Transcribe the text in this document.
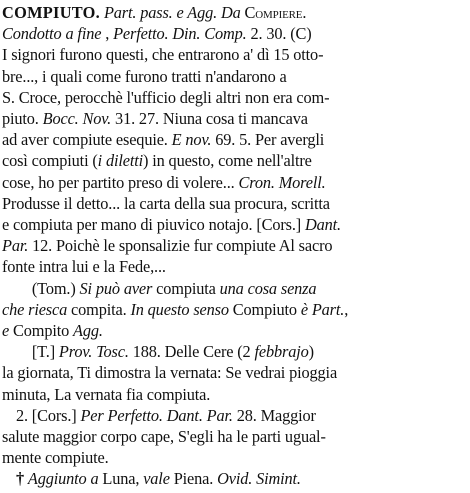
COMPIUTO. Part. pass. e Agg. Da Compiere.
Condotto a fine , Perfetto. Din. Comp. 2. 30. (C)
I signori furono questi, che entrarono a' dì 15 otto-
bre..., i quali come furono tratti n'andarono a
S. Croce, perocchè l'ufficio degli altri non era com-
piuto. Bocc. Nov. 31. 27. Niuna cosa ti mancava
ad aver compiute esequie. E nov. 69. 5. Per avergli
così compiuti (i diletti) in questo, come nell'altre
cose, ho per partito preso di volere... Cron. Morell.
Produsse il detto... la carta della sua procura, scritta
e compiuta per mano di piuvico notajo. [Cors.] Dant.
Par. 12. Poichè le sponsalizie fur compiute Al sacro
fonte intra lui e la Fede,...
(Tom.) Si può aver compiuta una cosa senza
che riesca compita. In questo senso Compiuto è Part.,
e Compito Agg.
[T.] Prov. Tosc. 188. Delle Cere (2 febbrajo)
la giornata, Ti dimostra la vernata: Se vedrai pioggia
minuta, La vernata fia compiuta.
2. [Cors.] Per Perfetto. Dant. Par. 28. Maggior
salute maggior corpo cape, S'egli ha le parti ugual-
mente compiute.
† Aggiunto a Luna, vale Piena. Ovid. Simint.
